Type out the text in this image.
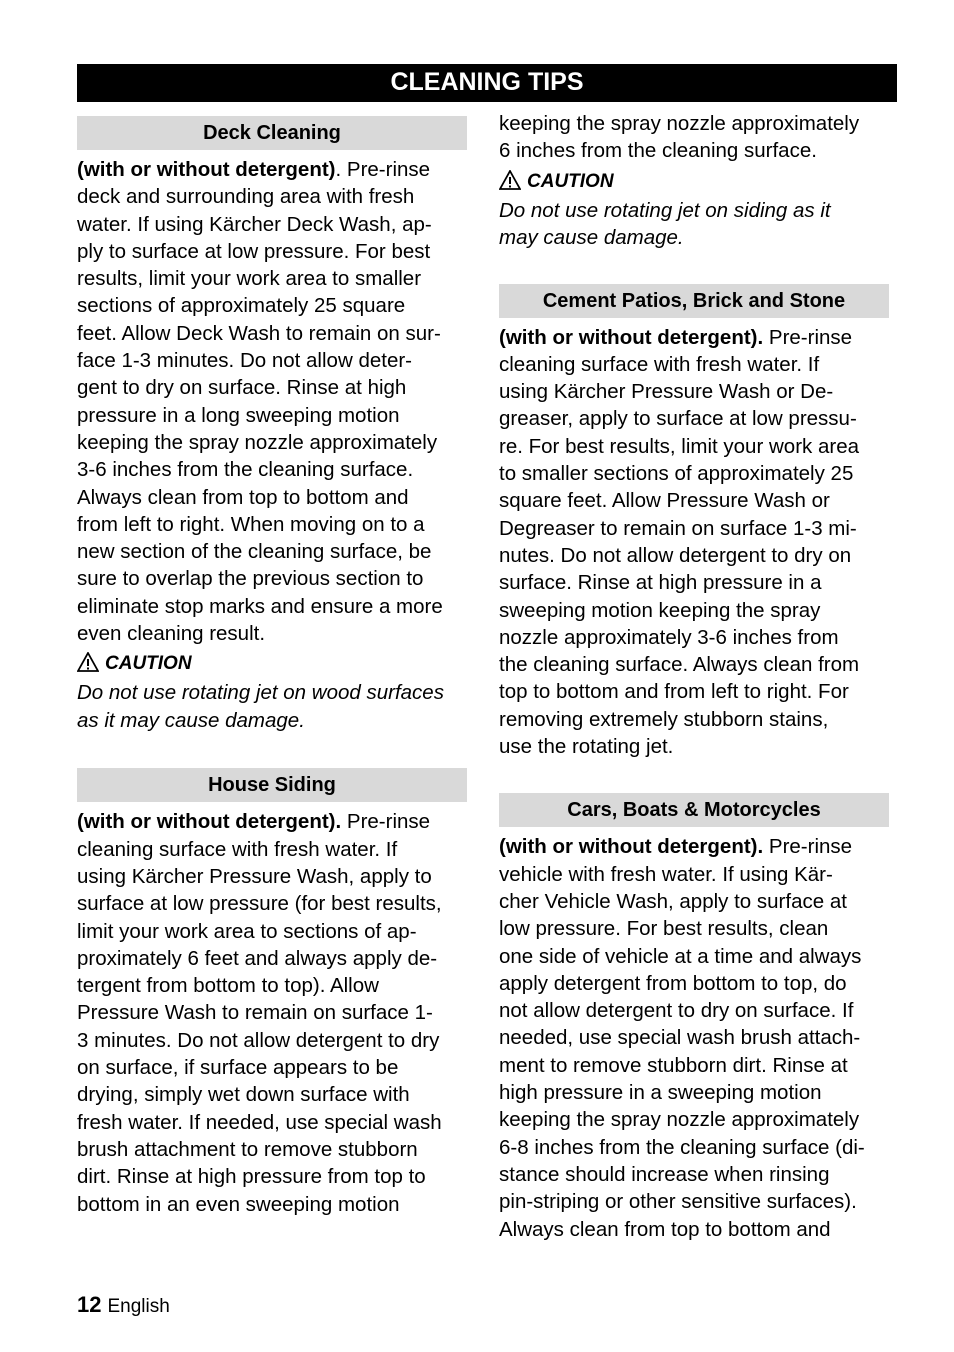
CLEANING TIPS
Deck Cleaning

(with or without detergent). Pre-rinse
deck and surrounding area with fresh
water. If using Kärcher Deck Wash, ap-
ply to surface at low pressure. For best
results, limit your work area to smaller
sections of approximately 25 square
feet. Allow Deck Wash to remain on sur-
face 1-3 minutes. Do not allow deter-
gent to dry on surface. Rinse at high
pressure in a long sweeping motion
keeping the spray nozzle approximately
3-6 inches from the cleaning surface.
Always clean from top to bottom and
from left to right. When moving on to a
new section of the cleaning surface, be
sure to overlap the previous section to
eliminate stop marks and ensure a more
even cleaning result.

CAUTION

Do not use rotating jet on wood surfaces
as it may cause damage.

House Siding

(with or without detergent). Pre-rinse
cleaning surface with fresh water. If
using Kärcher Pressure Wash, apply to
surface at low pressure (for best results,
limit your work area to sections of ap-
proximately 6 feet and always apply de-
tergent from bottom to top). Allow
Pressure Wash to remain on surface 1-
3 minutes. Do not allow detergent to dry
on surface, if surface appears to be
drying, simply wet down surface with
fresh water. If needed, use special wash
brush attachment to remove stubborn
dirt. Rinse at high pressure from top to
bottom in an even sweeping motion

keeping the spray nozzle approximately
6 inches from the cleaning surface.

CAUTION

Do not use rotating jet on siding as it
may cause damage.

Cement Patios, Brick and Stone

(with or without detergent). Pre-rinse
cleaning surface with fresh water. If
using Kärcher Pressure Wash or De-
greaser, apply to surface at low pressu-
re. For best results, limit your work area
to smaller sections of approximately 25
square feet. Allow Pressure Wash or
Degreaser to remain on surface 1-3 mi-
nutes. Do not allow detergent to dry on
surface. Rinse at high pressure in a
sweeping motion keeping the spray
nozzle approximately 3-6 inches from
the cleaning surface. Always clean from
top to bottom and from left to right. For
removing extremely stubborn stains,
use the rotating jet.

Cars, Boats & Motorcycles

(with or without detergent). Pre-rinse
vehicle with fresh water. If using Kär-
cher Vehicle Wash, apply to surface at
low pressure. For best results, clean
one side of vehicle at a time and always
apply detergent from bottom to top, do
not allow detergent to dry on surface. If
needed, use special wash brush attach-
ment to remove stubborn dirt. Rinse at
high pressure in a sweeping motion
keeping the spray nozzle approximately
6-8 inches from the cleaning surface (di-
stance should increase when rinsing
pin-striping or other sensitive surfaces).
Always clean from top to bottom and

12 English
